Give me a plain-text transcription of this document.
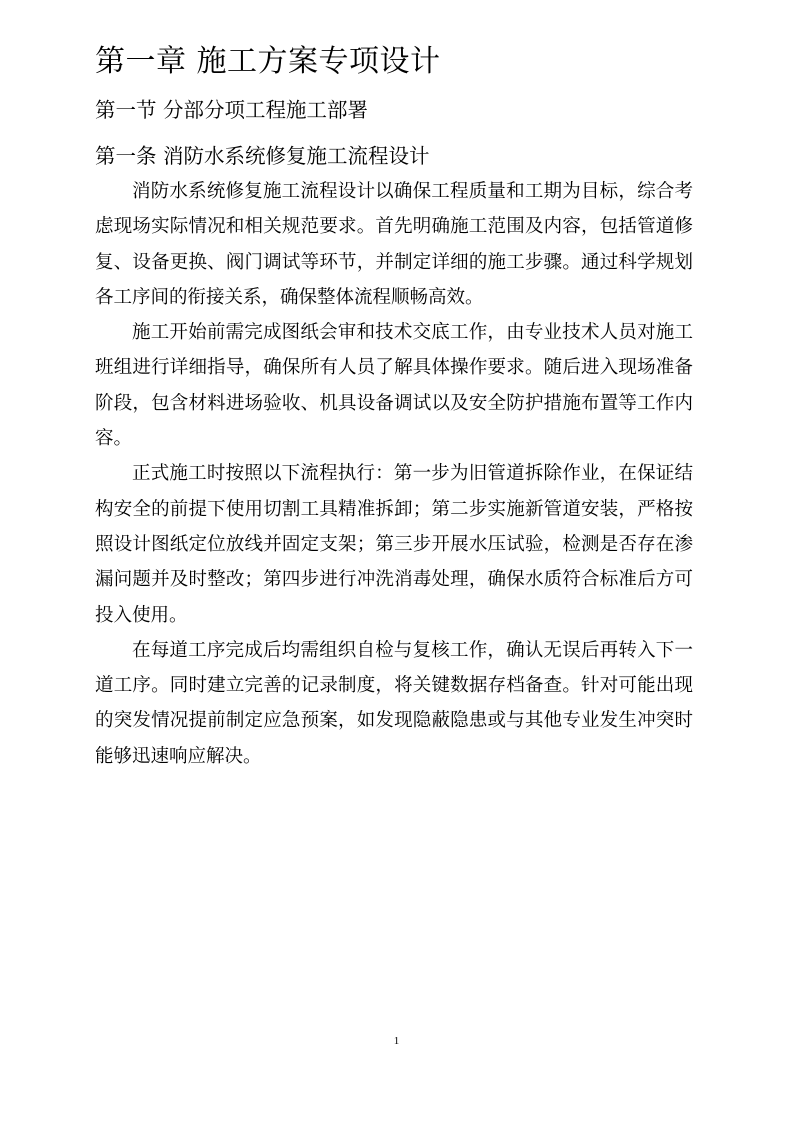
第一章 施工方案专项设计
第一节 分部分项工程施工部署
第一条 消防水系统修复施工流程设计

消防水系统修复施工流程设计以确保工程质量和工期为目标，综合考虑现场实际情况和相关规范要求。首先明确施工范围及内容，包括管道修复、设备更换、阀门调试等环节，并制定详细的施工步骤。通过科学规划各工序间的衔接关系，确保整体流程顺畅高效。

施工开始前需完成图纸会审和技术交底工作，由专业技术人员对施工班组进行详细指导，确保所有人员了解具体操作要求。随后进入现场准备阶段，包含材料进场验收、机具设备调试以及安全防护措施布置等工作内容。

正式施工时按照以下流程执行：第一步为旧管道拆除作业，在保证结构安全的前提下使用切割工具精准拆卸；第二步实施新管道安装，严格按照设计图纸定位放线并固定支架；第三步开展水压试验，检测是否存在渗漏问题并及时整改；第四步进行冲洗消毒处理，确保水质符合标准后方可投入使用。

在每道工序完成后均需组织自检与复核工作，确认无误后再转入下一道工序。同时建立完善的记录制度，将关键数据存档备查。针对可能出现的突发情况提前制定应急预案，如发现隐蔽隐患或与其他专业发生冲突时能够迅速响应解决。

1
